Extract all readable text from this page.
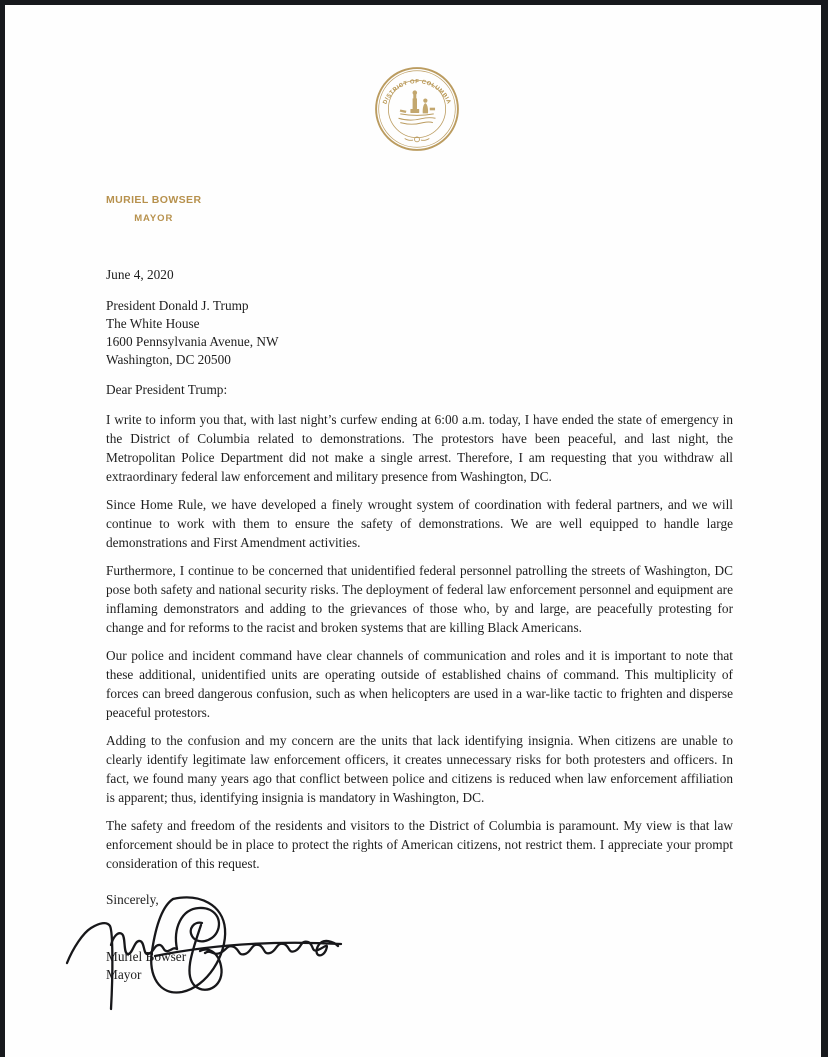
DISTRICT OF COLUMBIA
MURIEL BOWSER
MAYOR
June 4, 2020
President Donald J. Trump
The White House
1600 Pennsylvania Avenue, NW
Washington, DC 20500
Dear President Trump:

I write to inform you that, with last night’s curfew ending at 6:00 a.m. today, I have ended the state of emergency in the District of Columbia related to demonstrations. The protestors have been peaceful, and last night, the Metropolitan Police Department did not make a single arrest. Therefore, I am requesting that you withdraw all extraordinary federal law enforcement and military presence from Washington, DC.

Since Home Rule, we have developed a finely wrought system of coordination with federal partners, and we will continue to work with them to ensure the safety of demonstrations. We are well equipped to handle large demonstrations and First Amendment activities.

Furthermore, I continue to be concerned that unidentified federal personnel patrolling the streets of Washington, DC pose both safety and national security risks. The deployment of federal law enforcement personnel and equipment are inflaming demonstrators and adding to the grievances of those who, by and large, are peacefully protesting for change and for reforms to the racist and broken systems that are killing Black Americans.

Our police and incident command have clear channels of communication and roles and it is important to note that these additional, unidentified units are operating outside of established chains of command. This multiplicity of forces can breed dangerous confusion, such as when helicopters are used in a war-like tactic to frighten and disperse peaceful protestors.

Adding to the confusion and my concern are the units that lack identifying insignia. When citizens are unable to clearly identify legitimate law enforcement officers, it creates unnecessary risks for both protesters and officers. In fact, we found many years ago that conflict between police and citizens is reduced when law enforcement affiliation is apparent; thus, identifying insignia is mandatory in Washington, DC.

The safety and freedom of the residents and visitors to the District of Columbia is paramount. My view is that law enforcement should be in place to protect the rights of American citizens, not restrict them. I appreciate your prompt consideration of this request.

Sincerely,
Muriel Bowser
Mayor
